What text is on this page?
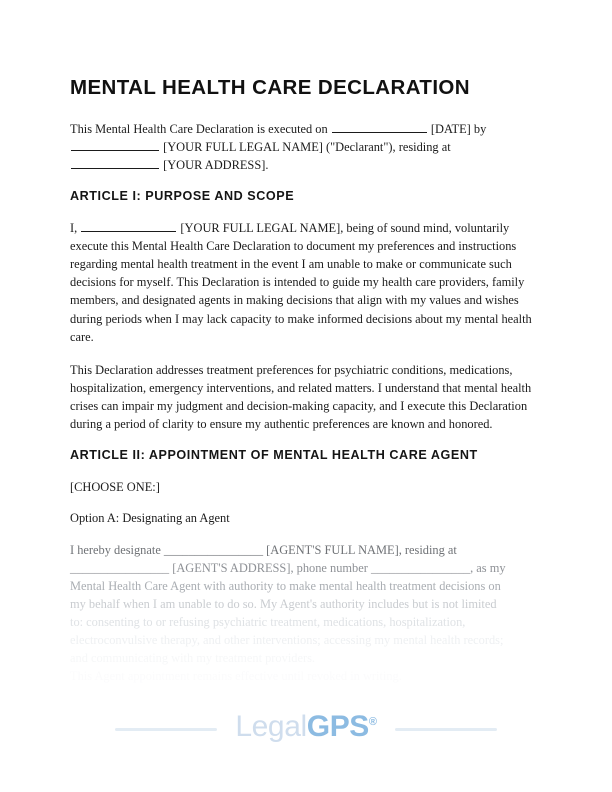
MENTAL HEALTH CARE DECLARATION

This Mental Health Care Declaration is executed on	[DATE] by
[YOUR FULL LEGAL NAME] ("Declarant"), residing at
[YOUR ADDRESS].

ARTICLE I: PURPOSE AND SCOPE

I,	[YOUR FULL LEGAL NAME], being of sound mind, voluntarily execute this Mental Health Care Declaration to document my preferences and instructions regarding mental health treatment in the event I am unable to make or communicate such decisions for myself. This Declaration is intended to guide my health care providers, family members, and designated agents in making decisions that align with my values and wishes during periods when I may lack capacity to make informed decisions about my mental health care.

This Declaration addresses treatment preferences for psychiatric conditions, medications, hospitalization, emergency interventions, and related matters. I understand that mental health crises can impair my judgment and decision-making capacity, and I execute this Declaration during a period of clarity to ensure my authentic preferences are known and honored.

ARTICLE II: APPOINTMENT OF MENTAL HEALTH CARE AGENT

[CHOOSE ONE:]

Option A: Designating an Agent

I hereby designate ________________ [AGENT'S FULL NAME], residing at
________________ [AGENT'S ADDRESS], phone number ________________, as my
Mental Health Care Agent with authority to make mental health treatment decisions on
my behalf when I am unable to do so. My Agent's authority includes but is not limited
to: consenting to or refusing psychiatric treatment, medications, hospitalization,
electroconvulsive therapy, and other interventions; accessing my mental health records;
and communicating with my treatment providers.
This Agent appointment remains effective until revoked in writing.
LegalGPS®
